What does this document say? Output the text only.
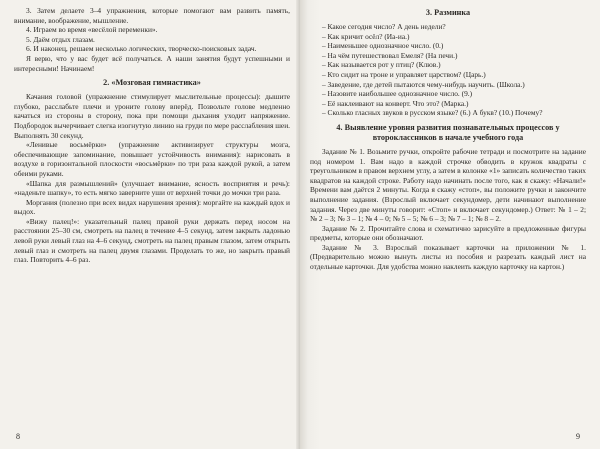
3. Затем делаете 3–4 упражнения, которые помогают вам развить память, внимание, воображение, мышление.

4. Играем во время «весёлой переменки».

5. Даём отдых глазам.

6. И наконец, решаем несколько логических, творческо-поисковых задач.

Я верю, что у вас будет всё получаться. А наши занятия будут успешными и интересными! Начинаем!

2. «Мозговая гимнастика»

Качания головой (упражнение стимулирует мыслительные процессы): дышите глубоко, расслабьте плечи и уроните голову вперёд. Позвольте голове медленно качаться из стороны в сторону, пока при помощи дыхания уходит напряжение. Подбородок вычерчивает слегка изогнутую линию на груди по мере расслабления шеи. Выполнять 30 секунд.

«Ленивые восьмёрки» (упражнение активизирует структуры мозга, обеспечивающие запоминание, повышает устойчивость внимания): нарисовать в воздухе в горизонтальной плоскости «восьмёрки» по три раза каждой рукой, а затем обеими руками.

«Шапка для размышлений» (улучшает внимание, ясность восприятия и речь): «наденьте шапку», то есть мягко заверните уши от верхней точки до мочки три раза.

Моргания (полезно при всех видах нарушения зрения): моргайте на каждый вдох и выдох.

«Вижу палец!»: указательный палец правой руки держать перед носом на расстоянии 25–30 см, смотреть на палец в течение 4–5 секунд, затем закрыть ладонью левой руки левый глаз на 4–6 секунд, смотреть на палец правым глазом, затем открыть левый глаз и смотреть на палец двумя глазами. Проделать то же, но закрыть правый глаз. Повторить 4–6 раз.

8
3. Разминка

– Какое сегодня число? А день недели?

– Как кричит осёл? (Иа-иа.)

– Наименьшее однозначное число. (0.)

– На чём путешествовал Емеля? (На печи.)

– Как называется рот у птиц? (Клюв.)

– Кто сидит на троне и управляет царством? (Царь.)

– Заведение, где детей пытаются чему-нибудь научить. (Школа.)

– Назовите наибольшее однозначное число. (9.)

– Её наклеивают на конверт. Что это? (Марка.)

– Сколько гласных звуков в русском языке? (6.) А букв? (10.) Почему?

4. Выявление уровня развития познавательных процессов у второклассников в начале учебного года

Задание № 1. Возьмите ручки, откройте рабочие тетради и посмотрите на задание под номером 1. Вам надо в каждой строчке обводить в кружок квадраты с треугольником в правом верхнем углу, а затем в колонке «1» записать количество таких квадратов на каждой строке. Работу надо начинать после того, как я скажу: «Начали!» Времени вам даётся 2 минуты. Когда я скажу «стоп», вы положите ручки и закончите выполнение задания. (Взрослый включает секундомер, дети начинают выполнение задания. Через две минуты говорит: «Стоп» и включает секундомер.) Ответ: № 1 – 2; № 2 – 3; № 3 – 1; № 4 – 0; № 5 – 5; № 6 – 3; № 7 – 1; № 8 – 2.

Задание № 2. Прочитайте слова и схематично зарисуйте в предложенные фигуры предметы, которые они обозначают.

Задание № 3. Взрослый показывает карточки на приложении № 1. (Предварительно можно вынуть листы из пособия и разрезать каждый лист на отдельные карточки. Для удобства можно наклеить каждую карточку на картон.)

9
